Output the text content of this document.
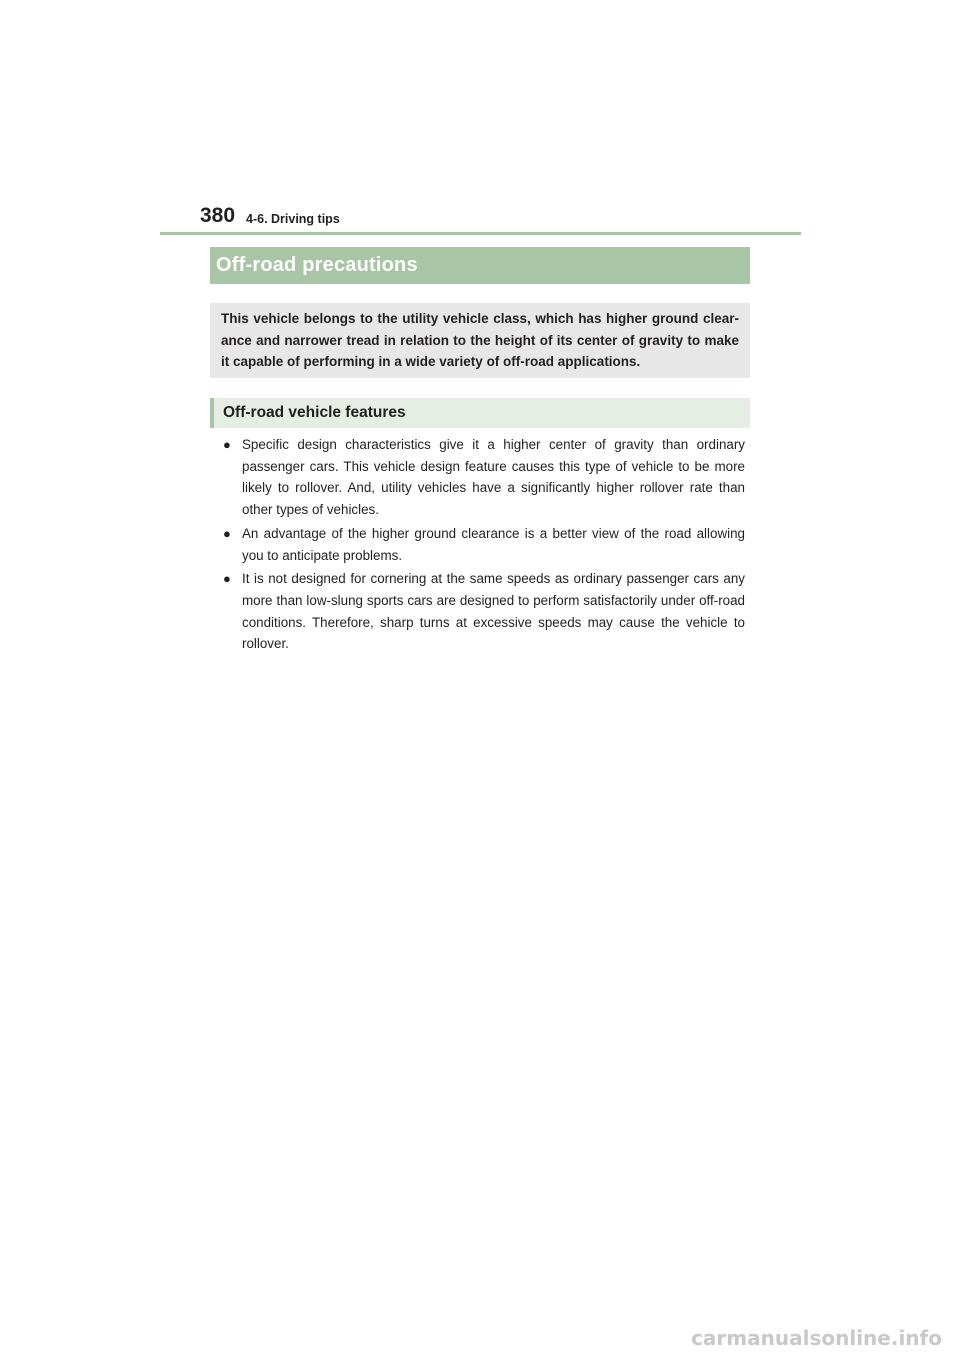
380 4-6. Driving tips
Off-road precautions
This vehicle belongs to the utility vehicle class, which has higher ground clear-ance and narrower tread in relation to the height of its center of gravity to make it capable of performing in a wide variety of off-road applications.
Off-road vehicle features
● Specific design characteristics give it a higher center of gravity than ordinary passenger cars. This vehicle design feature causes this type of vehicle to be more likely to rollover. And, utility vehicles have a significantly higher rollover rate than other types of vehicles.
● An advantage of the higher ground clearance is a better view of the road allowing you to anticipate problems.
● It is not designed for cornering at the same speeds as ordinary passenger cars any more than low-slung sports cars are designed to perform satisfactorily under off-road conditions. Therefore, sharp turns at excessive speeds may cause the vehicle to rollover.
carmanualsonline.info
